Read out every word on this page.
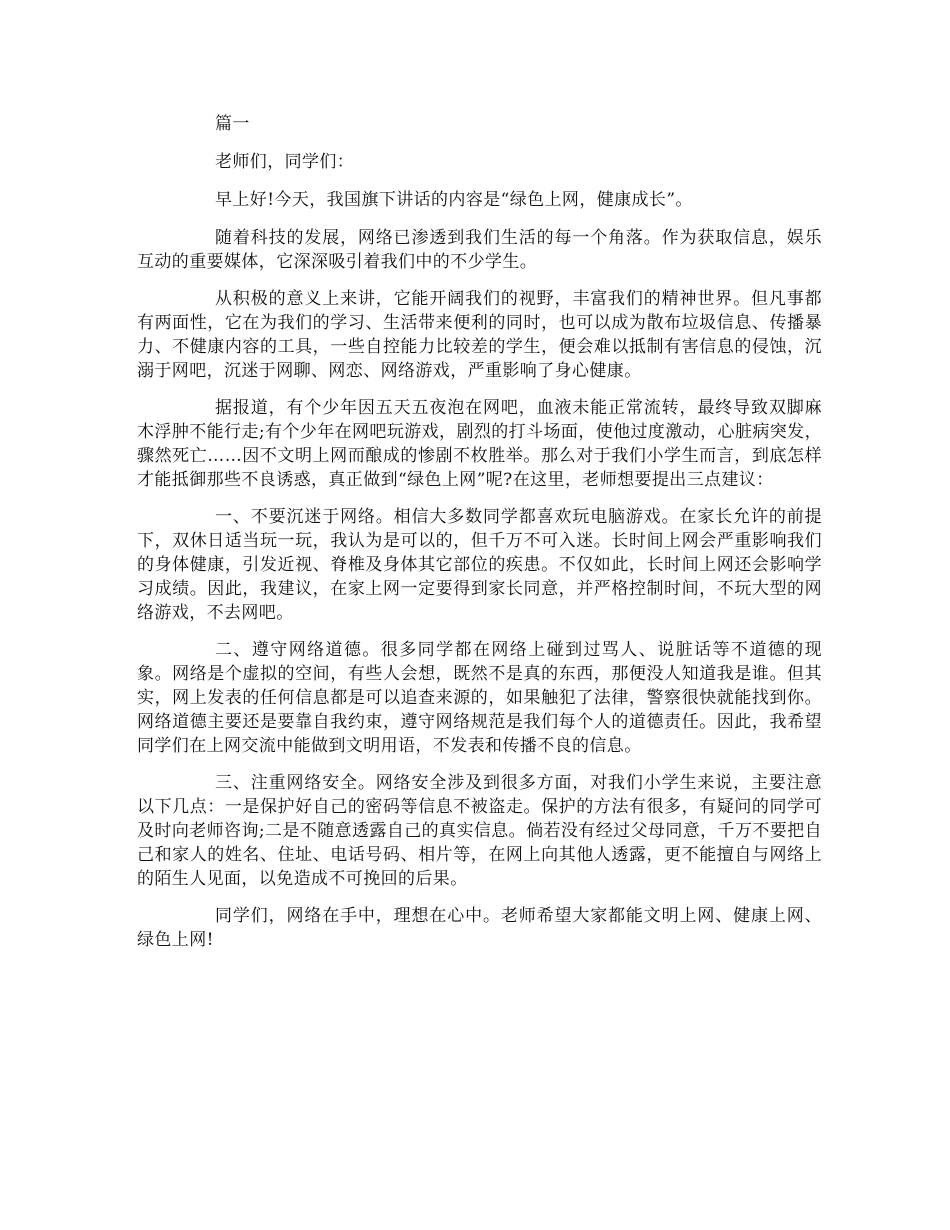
篇一

老师们，同学们：

早上好!今天，我国旗下讲话的内容是“绿色上网，健康成长”。

随着科技的发展，网络已渗透到我们生活的每一个角落。作为获取信息，娱乐互动的重要媒体，它深深吸引着我们中的不少学生。

从积极的意义上来讲，它能开阔我们的视野，丰富我们的精神世界。但凡事都有两面性，它在为我们的学习、生活带来便利的同时，也可以成为散布垃圾信息、传播暴力、不健康内容的工具，一些自控能力比较差的学生，便会难以抵制有害信息的侵蚀，沉溺于网吧，沉迷于网聊、网恋、网络游戏，严重影响了身心健康。

据报道，有个少年因五天五夜泡在网吧，血液未能正常流转，最终导致双脚麻木浮肿不能行走;有个少年在网吧玩游戏，剧烈的打斗场面，使他过度激动，心脏病突发，骤然死亡……因不文明上网而酿成的惨剧不枚胜举。那么对于我们小学生而言，到底怎样才能抵御那些不良诱惑，真正做到“绿色上网”呢?在这里，老师想要提出三点建议：

一、不要沉迷于网络。相信大多数同学都喜欢玩电脑游戏。在家长允许的前提下，双休日适当玩一玩，我认为是可以的，但千万不可入迷。长时间上网会严重影响我们的身体健康，引发近视、脊椎及身体其它部位的疾患。不仅如此，长时间上网还会影响学习成绩。因此，我建议，在家上网一定要得到家长同意，并严格控制时间，不玩大型的网络游戏，不去网吧。

二、遵守网络道德。很多同学都在网络上碰到过骂人、说脏话等不道德的现象。网络是个虚拟的空间，有些人会想，既然不是真的东西，那便没人知道我是谁。但其实，网上发表的任何信息都是可以追查来源的，如果触犯了法律，警察很快就能找到你。网络道德主要还是要靠自我约束，遵守网络规范是我们每个人的道德责任。因此，我希望同学们在上网交流中能做到文明用语，不发表和传播不良的信息。

三、注重网络安全。网络安全涉及到很多方面，对我们小学生来说，主要注意以下几点：一是保护好自己的密码等信息不被盗走。保护的方法有很多，有疑问的同学可及时向老师咨询;二是不随意透露自己的真实信息。倘若没有经过父母同意，千万不要把自己和家人的姓名、住址、电话号码、相片等，在网上向其他人透露，更不能擅自与网络上的陌生人见面，以免造成不可挽回的后果。

同学们，网络在手中，理想在心中。老师希望大家都能文明上网、健康上网、绿色上网!
